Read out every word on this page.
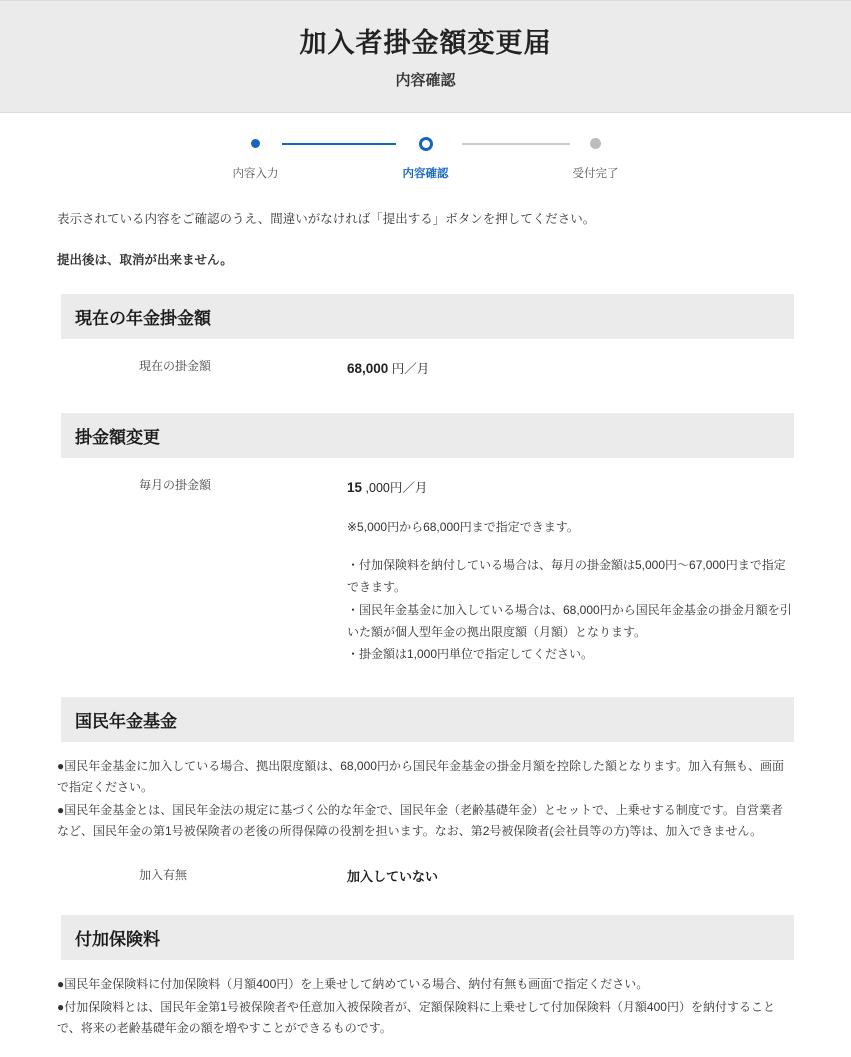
加入者掛金額変更届
内容確認
内容入力	内容確認	受付完了

表示されている内容をご確認のうえ、間違いがなければ「提出する」ボタンを押してください。

提出後は、取消が出来ません。

現在の年金掛金額
現在の掛金額	68,000 円／月
掛金額変更
毎月の掛金額	15 ,000円／月
※5,000円から68,000円まで指定できます。
・付加保険料を納付している場合は、毎月の掛金額は5,000円～67,000円まで指定できます。
・国民年金基金に加入している場合は、68,000円から国民年金基金の掛金月額を引いた額が個人型年金の拠出限度額（月額）となります。
・掛金額は1,000円単位で指定してください。
国民年金基金

●国民年金基金に加入している場合、拠出限度額は、68,000円から国民年金基金の掛金月額を控除した額となります。加入有無も、画面で指定ください。

●国民年金基金とは、国民年金法の規定に基づく公的な年金で、国民年金（老齢基礎年金）とセットで、上乗せする制度です。自営業者など、国民年金の第1号被保険者の老後の所得保障の役割を担います。なお、第2号被保険者(会社員等の方)等は、加入できません。

加入有無	加入していない
付加保険料

●国民年金保険料に付加保険料（月額400円）を上乗せして納めている場合、納付有無も画面で指定ください。

●付加保険料とは、国民年金第1号被保険者や任意加入被保険者が、定額保険料に上乗せして付加保険料（月額400円）を納付することで、将来の老齢基礎年金の額を増やすことができるものです。
